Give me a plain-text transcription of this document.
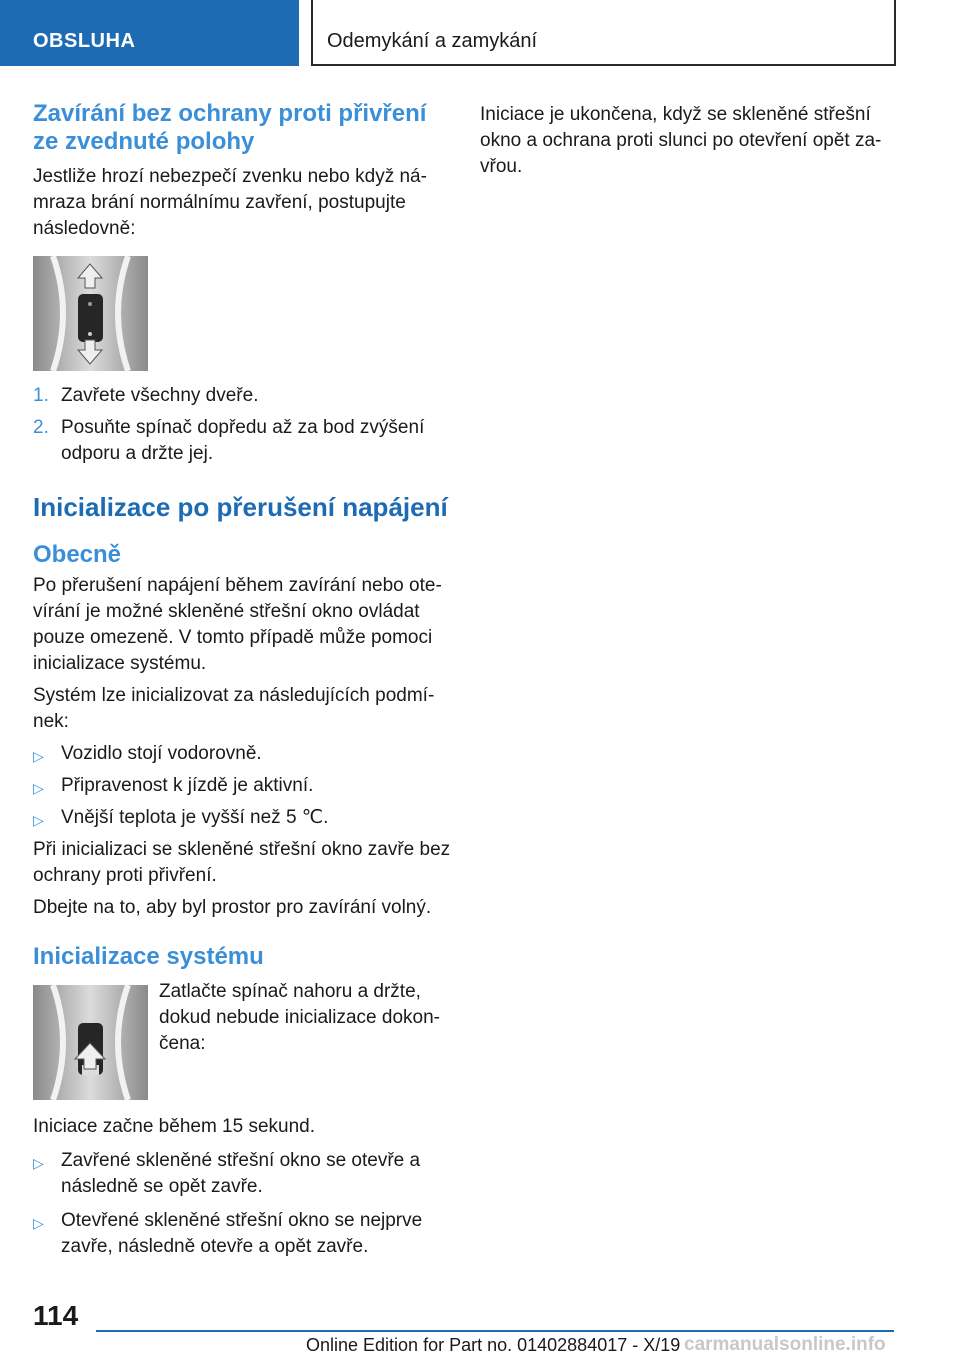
OBSLUHA	Odemykání a zamykání
Zavírání bez ochrany proti přivření ze zvednuté polohy

Jestliže hrozí nebezpečí zvenku nebo když námraza brání normálnímu zavření, postupujte následovně:

1. Zavřete všechny dveře.
2. Posuňte spínač dopředu až za bod zvýšení odporu a držte jej.
Inicializace po přerušení napájení
Obecně

Po přerušení napájení během zavírání nebo otevírání je možné skleněné střešní okno ovládat pouze omezeně. V tomto případě může pomoci inicializace systému.

Systém lze inicializovat za následujících podmínek:

▷ Vozidlo stojí vodorovně.
▷ Připravenost k jízdě je aktivní.
▷ Vnější teplota je vyšší než 5 ℃.

Při inicializaci se skleněné střešní okno zavře bez ochrany proti přivření.

Dbejte na to, aby byl prostor pro zavírání volný.

Inicializace systému

Zatlačte spínač nahoru a držte, dokud nebude inicializace dokončena:

Iniciace začne během 15 sekund.

▷ Zavřené skleněné střešní okno se otevře a následně se opět zavře.
▷ Otevřené skleněné střešní okno se nejprve zavře, následně otevře a opět zavře.

Iniciace je ukončena, když se skleněné střešní okno a ochrana proti slunci po otevření opět zavřou.

114
Online Edition for Part no. 01402884017 - X/19 carmanualsonline.info
